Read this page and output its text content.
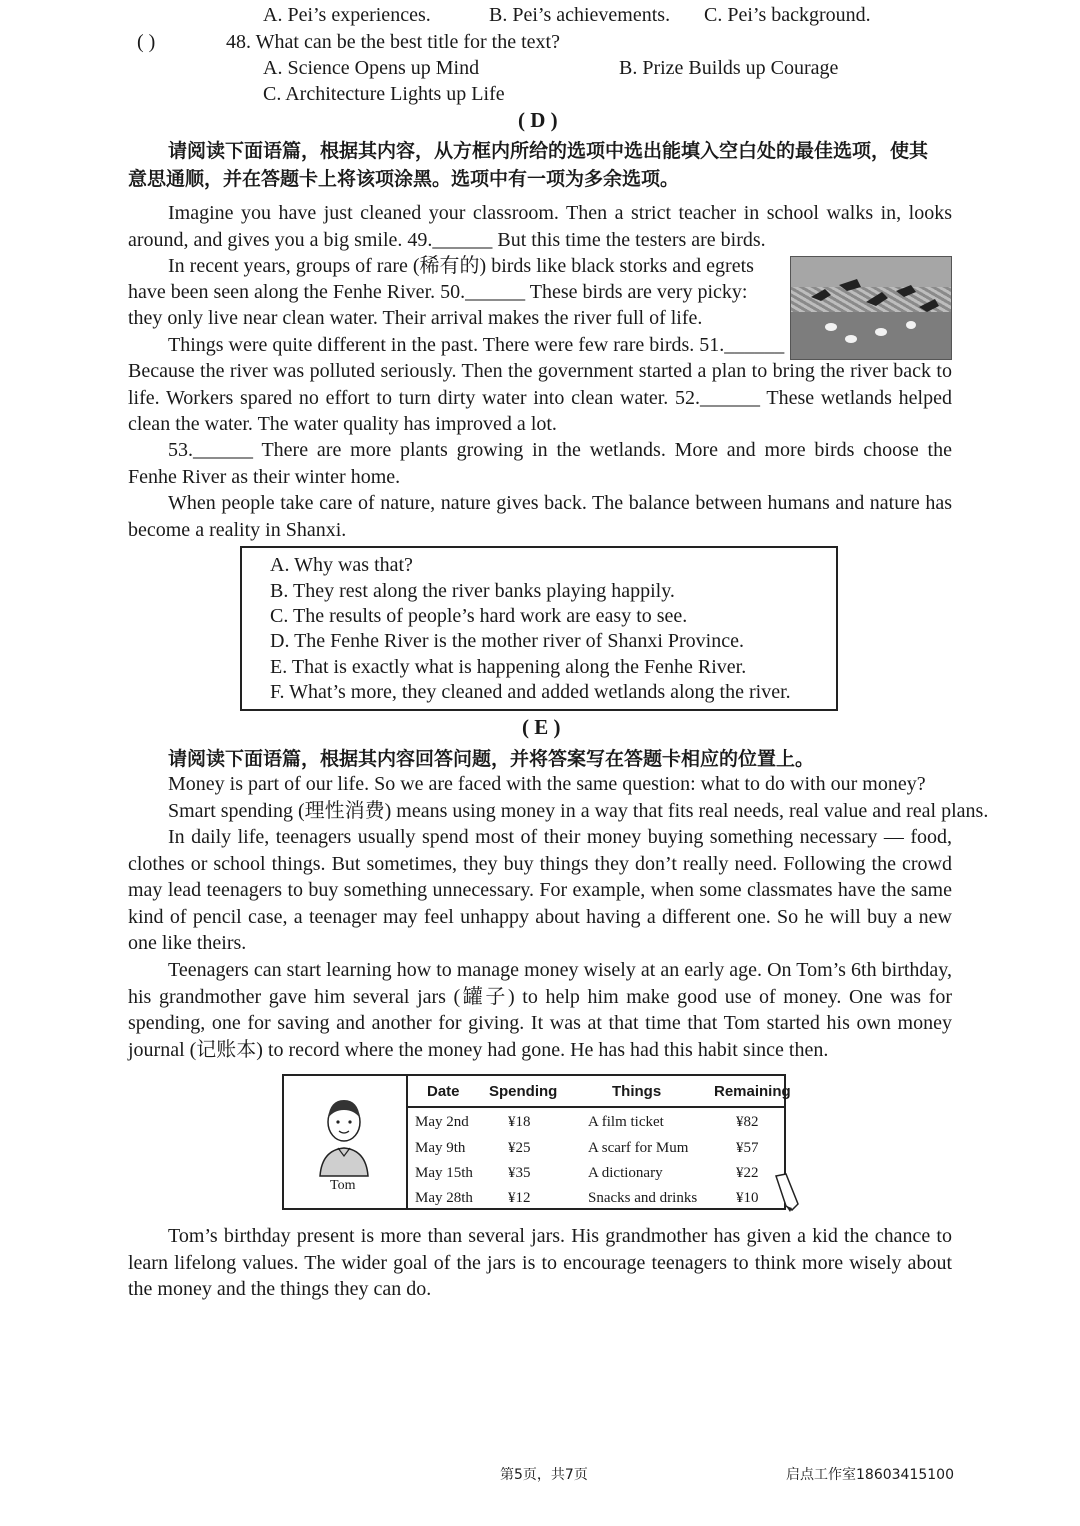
A. Pei’s experiences.	B. Pei’s achievements. C. Pei’s background.
( )	48. What can be the best title for the text?
A. Science Opens up Mind	B. Prize Builds up Courage
C. Architecture Lights up Life
( D )
请阅读下面语篇，根据其内容，从方框内所给的选项中选出能填入空白处的最佳选项，使其
意思通顺，并在答题卡上将该项涂黑。选项中有一项为多余选项。
Imagine you have just cleaned your classroom. Then a strict teacher in school walks in, looks around, and gives you a big smile. 49.______ But this time the testers are birds.
In recent years, groups of rare (稀有的) birds like black storks and egrets
have been seen along the Fenhe River. 50.______ These birds are very picky:
they only live near clean water. Their arrival makes the river full of life.
Things were quite different in the past. There were few rare birds. 51.______
Because the river was polluted seriously. Then the government started a plan to bring the river back to life. Workers spared no effort to turn dirty water into clean water. 52.______ These wetlands helped clean the water. The water quality has improved a lot.
53.______ There are more plants growing in the wetlands. More and more birds choose the Fenhe River as their winter home.
When people take care of nature, nature gives back. The balance between humans and nature has become a reality in Shanxi.
A. Why was that?
B. They rest along the river banks playing happily.
C. The results of people’s hard work are easy to see.
D. The Fenhe River is the mother river of Shanxi Province.
E. That is exactly what is happening along the Fenhe River.
F. What’s more, they cleaned and added wetlands along the river.
( E )
请阅读下面语篇，根据其内容回答问题，并将答案写在答题卡相应的位置上。
Money is part of our life. So we are faced with the same question: what to do with our money?
Smart spending (理性消费) means using money in a way that fits real needs, real value and real plans.
In daily life, teenagers usually spend most of their money buying something necessary — food, clothes or school things. But sometimes, they buy things they don’t really need. Following the crowd may lead teenagers to buy something unnecessary. For example, when some classmates have the same kind of pencil case, a teenager may feel unhappy about having a different one. So he will buy a new one like theirs.
Teenagers can start learning how to manage money wisely at an early age. On Tom’s 6th birthday, his grandmother gave him several jars (罐子) to help him make good use of money. One was for spending, one for saving and another for giving. It was at that time that Tom started his own money journal (记账本) to record where the money had gone. He has had this habit since then.
Tom
Date Spending	Things	Remaining
May 2nd	¥18	A film ticket	¥82
May 9th	¥25	A scarf for Mum	¥57
May 15th ¥35	A dictionary	¥22
May 28th ¥12	Snacks and drinks	¥10
Tom’s birthday present is more than several jars. His grandmother has given a kid the chance to learn lifelong values. The wider goal of the jars is to encourage teenagers to think more wisely about the money and the things they can do.
第5页，共7页	启点工作室18603415100
